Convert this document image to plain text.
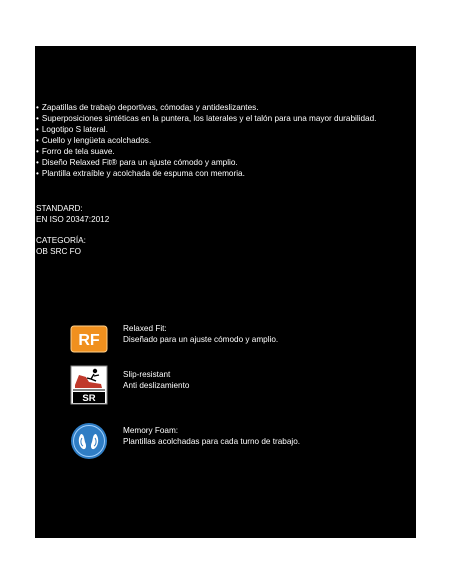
• Zapatillas de trabajo deportivas, cómodas y antideslizantes.
• Superposiciones sintéticas en la puntera, los laterales y el talón para una mayor durabilidad.
• Logotipo S lateral.
• Cuello y lengüeta acolchados.
• Forro de tela suave.
• Diseño Relaxed Fit® para un ajuste cómodo y amplio.
• Plantilla extraíble y acolchada de espuma con memoria.
STANDARD:
EN ISO 20347:2012
CATEGORÍA:
OB SRC FO
RF
Relaxed Fit:
Diseñado para un ajuste cómodo y amplio.
SR
Slip-resistant
Anti deslizamiento
Memory Foam:
Plantillas acolchadas para cada turno de trabajo.
